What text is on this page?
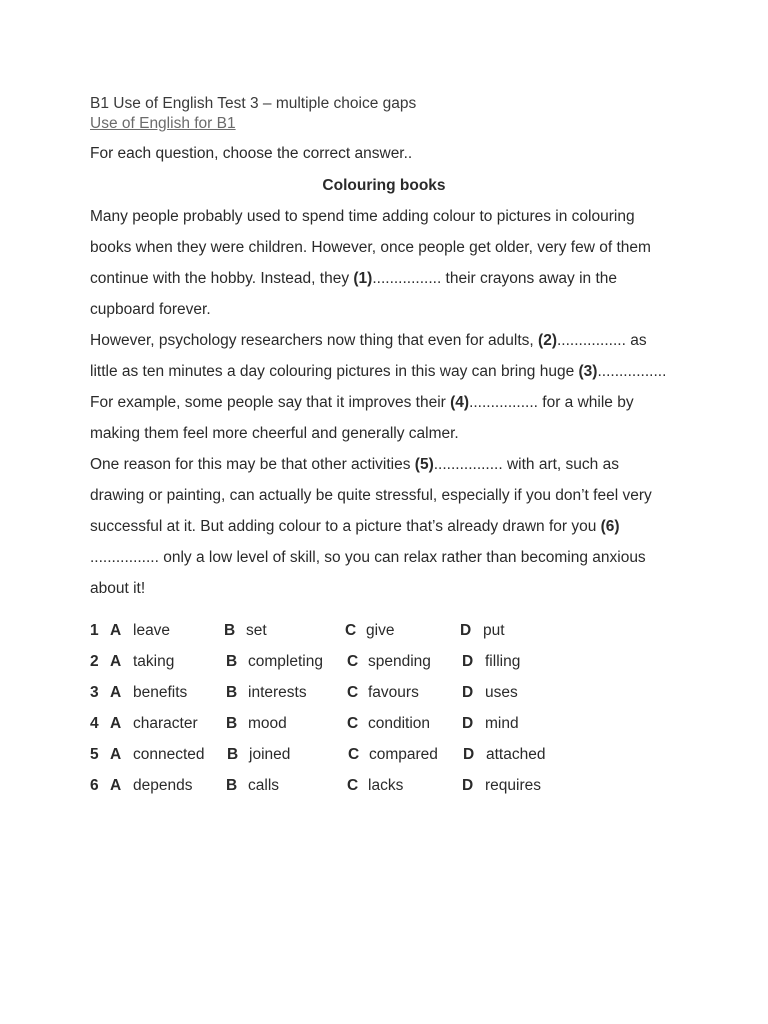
B1 Use of English Test 3 – multiple choice gaps
Use of English for B1
For each question, choose the correct answer..
Colouring books

Many people probably used to spend time adding colour to pictures in colouring

books when they were children. However, once people get older, very few of them

continue with the hobby. Instead, they (1)................ their crayons away in the

cupboard forever.

However, psychology researchers now thing that even for adults, (2)................ as

little as ten minutes a day colouring pictures in this way can bring huge (3)................

For example, some people say that it improves their (4)................ for a while by

making them feel more cheerful and generally calmer.

One reason for this may be that other activities (5)................ with art, such as

drawing or painting, can actually be quite stressful, especially if you don’t feel very

successful at it. But adding colour to a picture that’s already drawn for you (6)

................ only a low level of skill, so you can relax rather than becoming anxious

about it!

1 A leave	B set	C give	D put
2 A taking	B completing C spending D filling
3 A benefits B interests	C favours	D uses
4 A character B mood	C condition D mind
5 A connected B joined	C compared D attached
6 A depends B calls	C lacks	D requires
